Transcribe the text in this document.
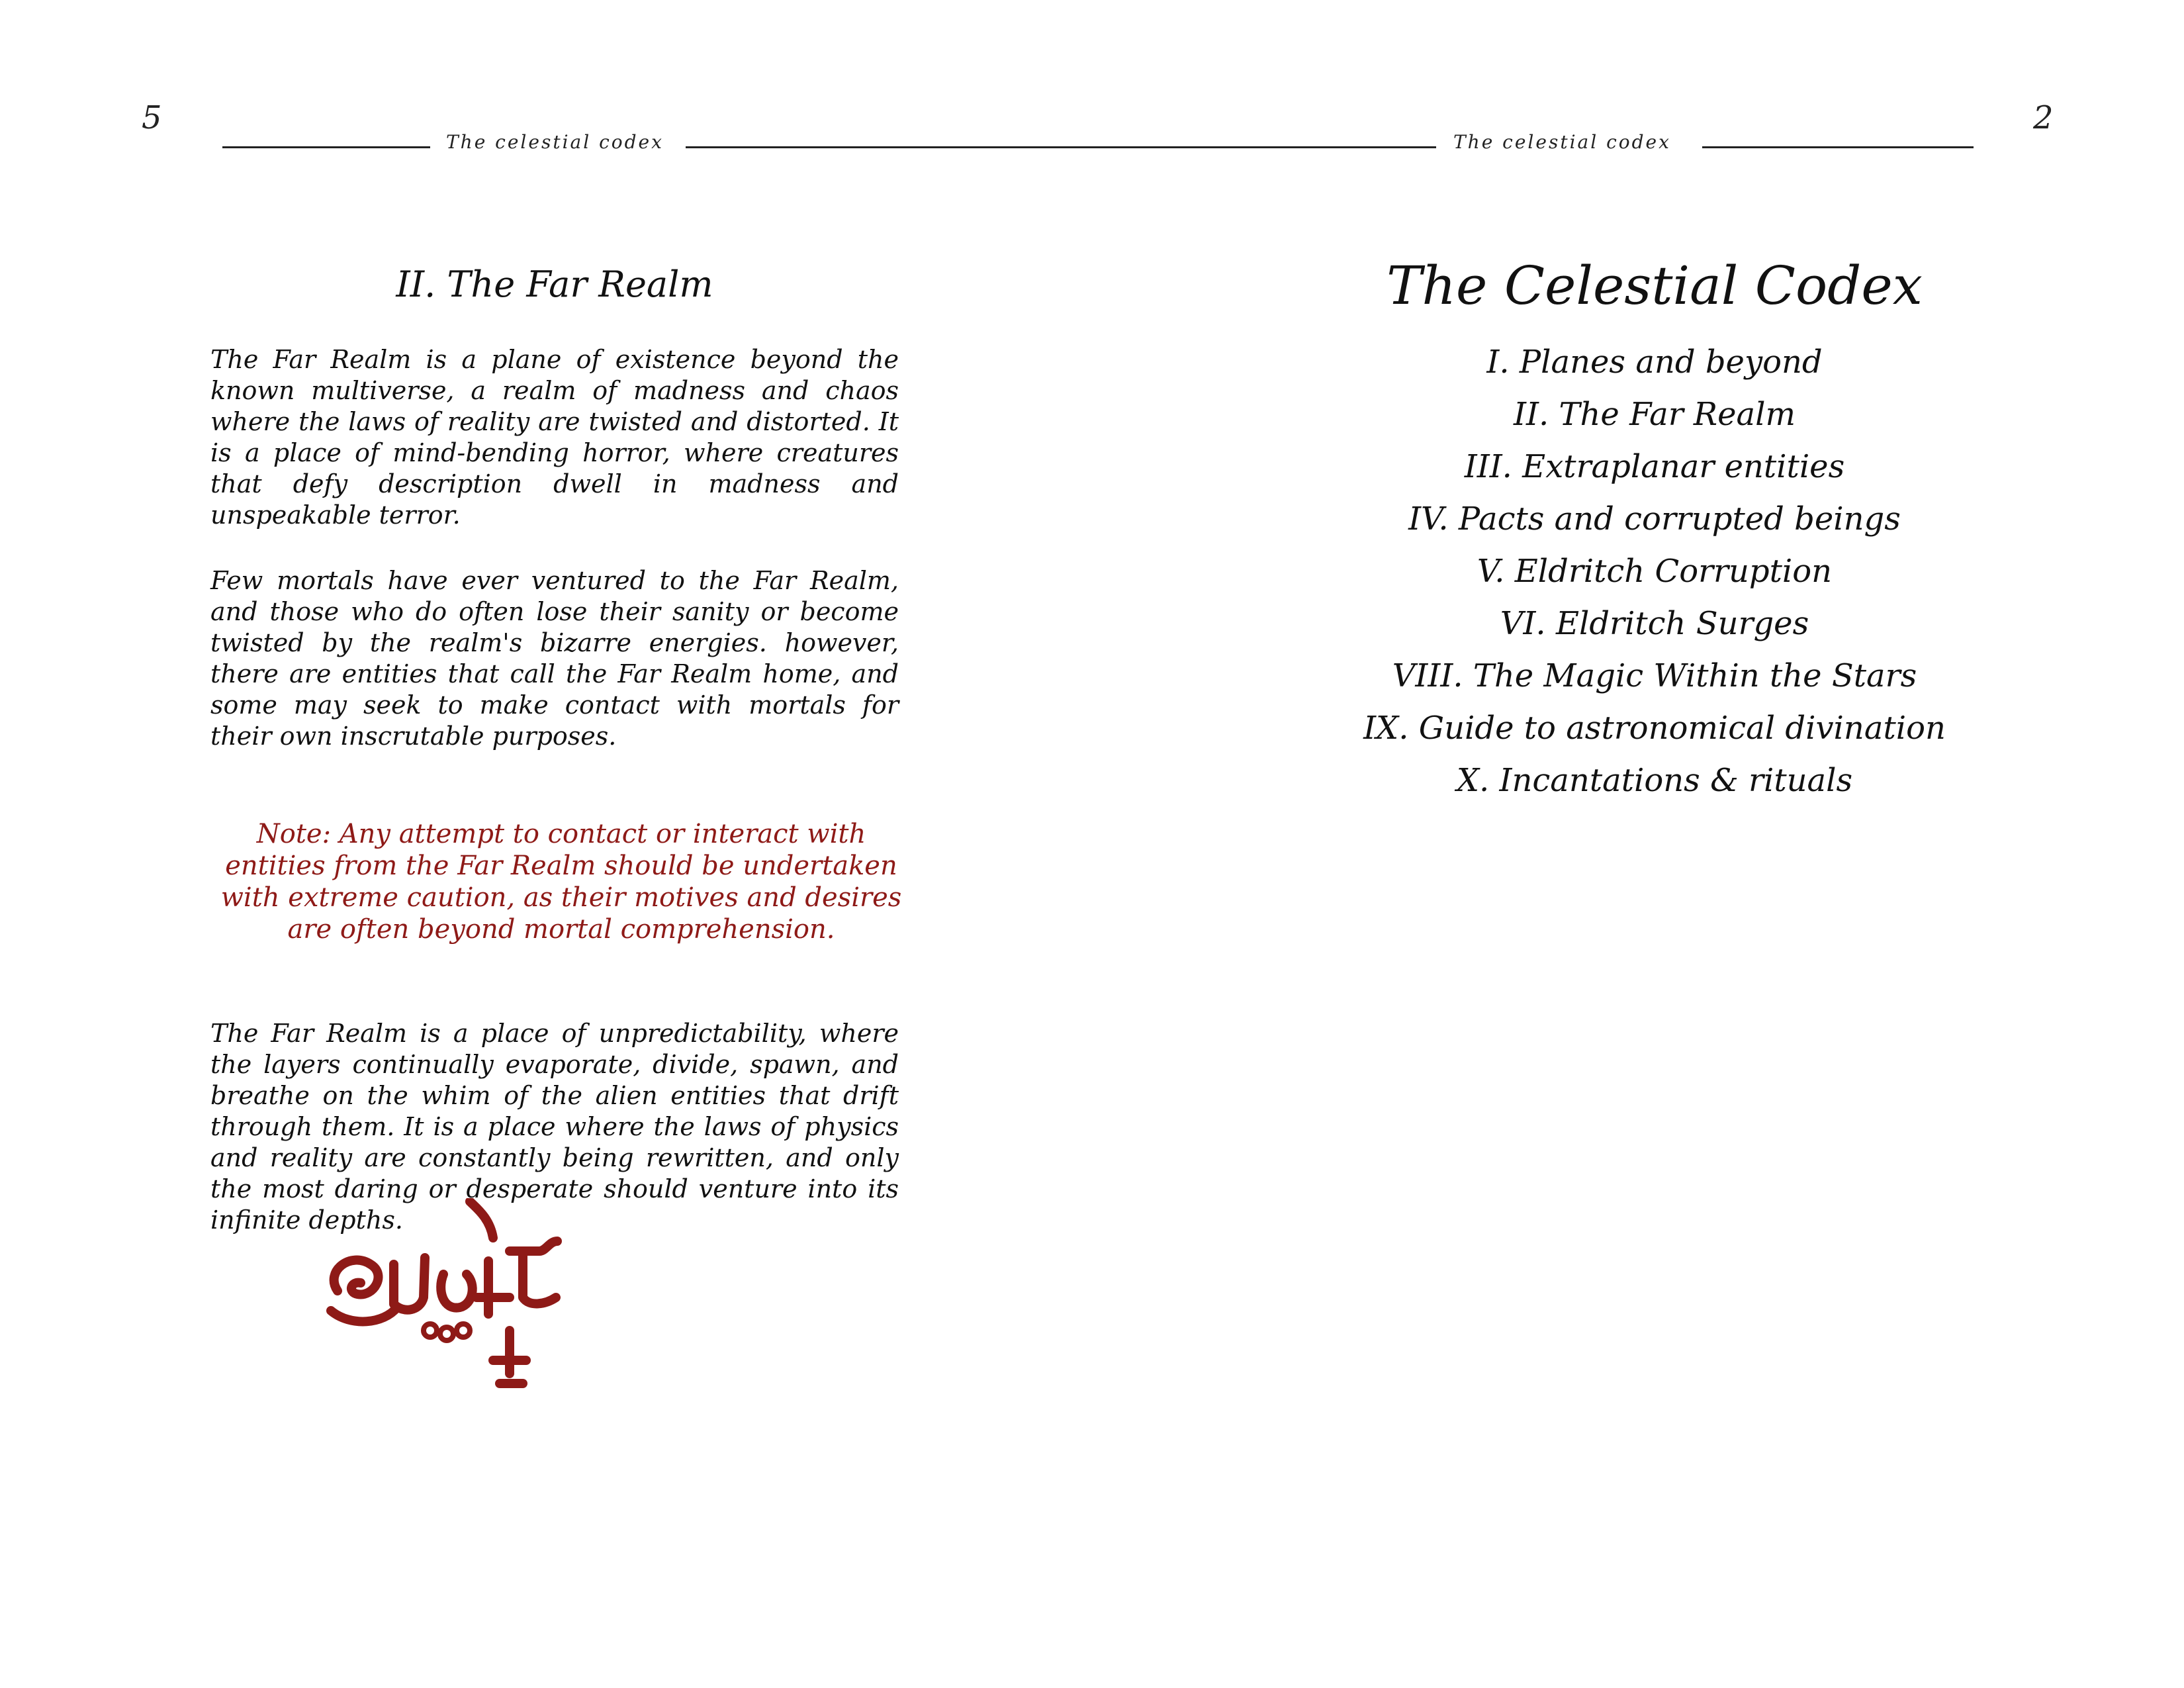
5	2
The celestial codex	The celestial codex
II. The Far Realm

The Far Realm is a plane of existence beyond the known multiverse, a realm of madness and chaos where the laws of reality are twisted and distorted. It is a place of mind-bending horror, where creatures that defy description dwell in madness and unspeakable terror.

Few mortals have ever ventured to the Far Realm, and those who do often lose their sanity or become twisted by the realm's bizarre energies. however, there are entities that call the Far Realm home, and some may seek to make contact with mortals for their own inscrutable purposes.

Note: Any attempt to contact or interact with entities from the Far Realm should be undertaken with extreme caution, as their motives and desires are often beyond mortal comprehension.

The Far Realm is a place of unpredictability, where the layers continually evaporate, divide, spawn, and breathe on the whim of the alien entities that drift through them. It is a place where the laws of physics and reality are constantly being rewritten, and only the most daring or desperate should venture into its infinite depths.

The Celestial Codex
I. Planes and beyond
II. The Far Realm
III. Extraplanar entities
IV. Pacts and corrupted beings
V. Eldritch Corruption
VI. Eldritch Surges
VIII. The Magic Within the Stars
IX. Guide to astronomical divination
X. Incantations & rituals
